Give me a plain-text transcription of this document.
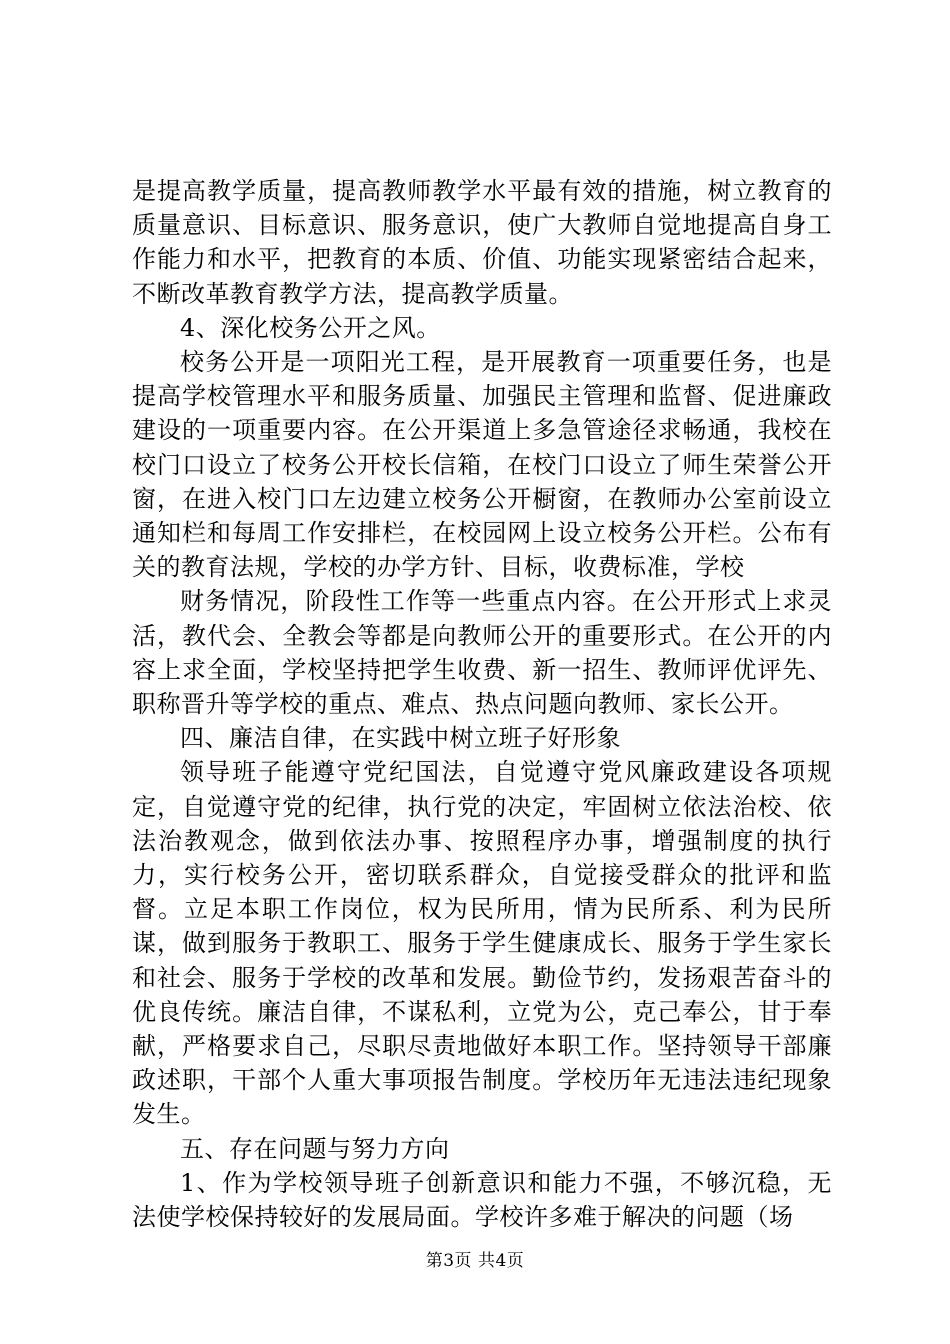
是提高教学质量，提高教师教学水平最有效的措施，树立教育的质量意识、目标意识、服务意识，使广大教师自觉地提高自身工作能力和水平，把教育的本质、价值、功能实现紧密结合起来，不断改革教育教学方法，提高教学质量。

4、深化校务公开之风。

校务公开是一项阳光工程，是开展教育一项重要任务，也是提高学校管理水平和服务质量、加强民主管理和监督、促进廉政建设的一项重要内容。在公开渠道上多急管途径求畅通，我校在校门口设立了校务公开校长信箱，在校门口设立了师生荣誉公开窗，在进入校门口左边建立校务公开橱窗，在教师办公室前设立通知栏和每周工作安排栏，在校园网上设立校务公开栏。公布有关的教育法规，学校的办学方针、目标，收费标准，学校

财务情况，阶段性工作等一些重点内容。在公开形式上求灵活，教代会、全教会等都是向教师公开的重要形式。在公开的内容上求全面，学校坚持把学生收费、新一招生、教师评优评先、职称晋升等学校的重点、难点、热点问题向教师、家长公开。

四、廉洁自律，在实践中树立班子好形象

领导班子能遵守党纪国法，自觉遵守党风廉政建设各项规定，自觉遵守党的纪律，执行党的决定，牢固树立依法治校、依法治教观念，做到依法办事、按照程序办事，增强制度的执行力，实行校务公开，密切联系群众，自觉接受群众的批评和监督。立足本职工作岗位，权为民所用，情为民所系、利为民所谋，做到服务于教职工、服务于学生健康成长、服务于学生家长和社会、服务于学校的改革和发展。勤俭节约，发扬艰苦奋斗的优良传统。廉洁自律，不谋私利，立党为公，克己奉公，甘于奉献，严格要求自己，尽职尽责地做好本职工作。坚持领导干部廉政述职，干部个人重大事项报告制度。学校历年无违法违纪现象发生。

五、存在问题与努力方向

1、作为学校领导班子创新意识和能力不强，不够沉稳，无法使学校保持较好的发展局面。学校许多难于解决的问题（场

第3页 共4页
